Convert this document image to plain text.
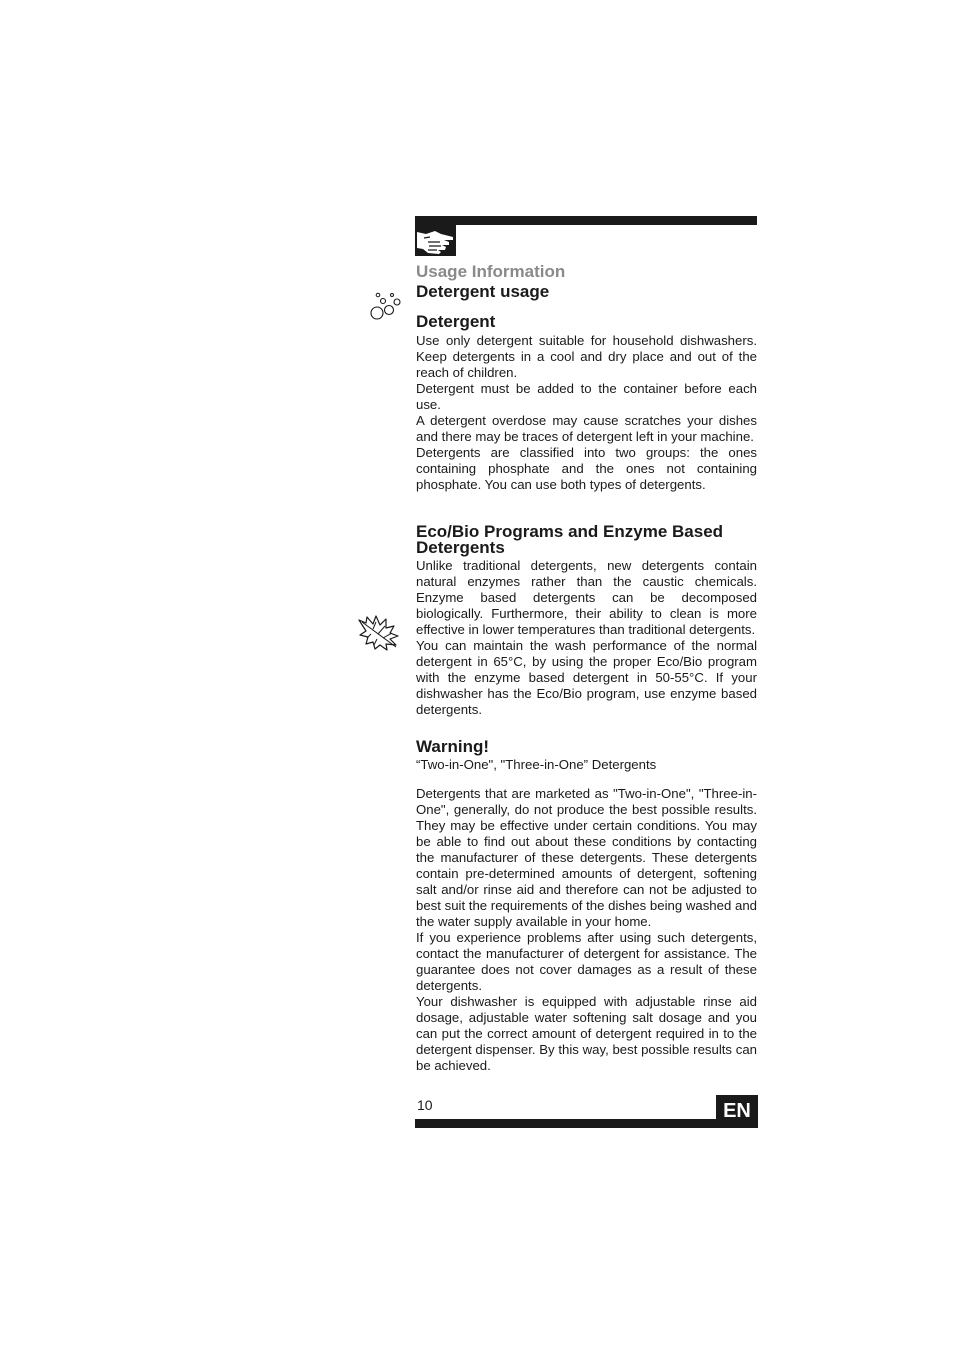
Usage Information
Detergent usage
Detergent

Use only detergent suitable for household dishwashers. Keep detergents in a cool and dry place and out of the reach of children.

Detergent must be added to the container before each use.

A detergent overdose may cause scratches your dishes and there may be traces of detergent left in your machine.

Detergents are classified into two groups: the ones containing phosphate and the ones not containing phosphate. You can use both types of detergents.

Eco/Bio Programs and Enzyme Based Detergents

Unlike traditional detergents, new detergents contain natural enzymes rather than the caustic chemicals. Enzyme based detergents can be decomposed biologically. Furthermore, their ability to clean is more effective in lower temperatures than traditional detergents.

You can maintain the wash performance of the normal detergent in 65°C, by using the proper Eco/Bio program with the enzyme based detergent in 50-55°C. If your dishwasher has the Eco/Bio program, use enzyme based detergents.

Warning!

“Two-in-One", "Three-in-One” Detergents

Detergents that are marketed as "Two-in-One", "Three-in-One", generally, do not produce the best possible results. They may be effective under certain conditions. You may be able to find out about these conditions by contacting the manufacturer of these detergents. These detergents contain pre-determined amounts of detergent, softening salt and/or rinse aid and therefore can not be adjusted to best suit the requirements of the dishes being washed and the water supply available in your home.

If you experience problems after using such detergents, contact the manufacturer of detergent for assistance. The guarantee does not cover damages as a result of these detergents.

Your dishwasher is equipped with adjustable rinse aid dosage, adjustable water softening salt dosage and you can put the correct amount of detergent required in to the detergent dispenser. By this way, best possible results can be achieved.

10	EN
